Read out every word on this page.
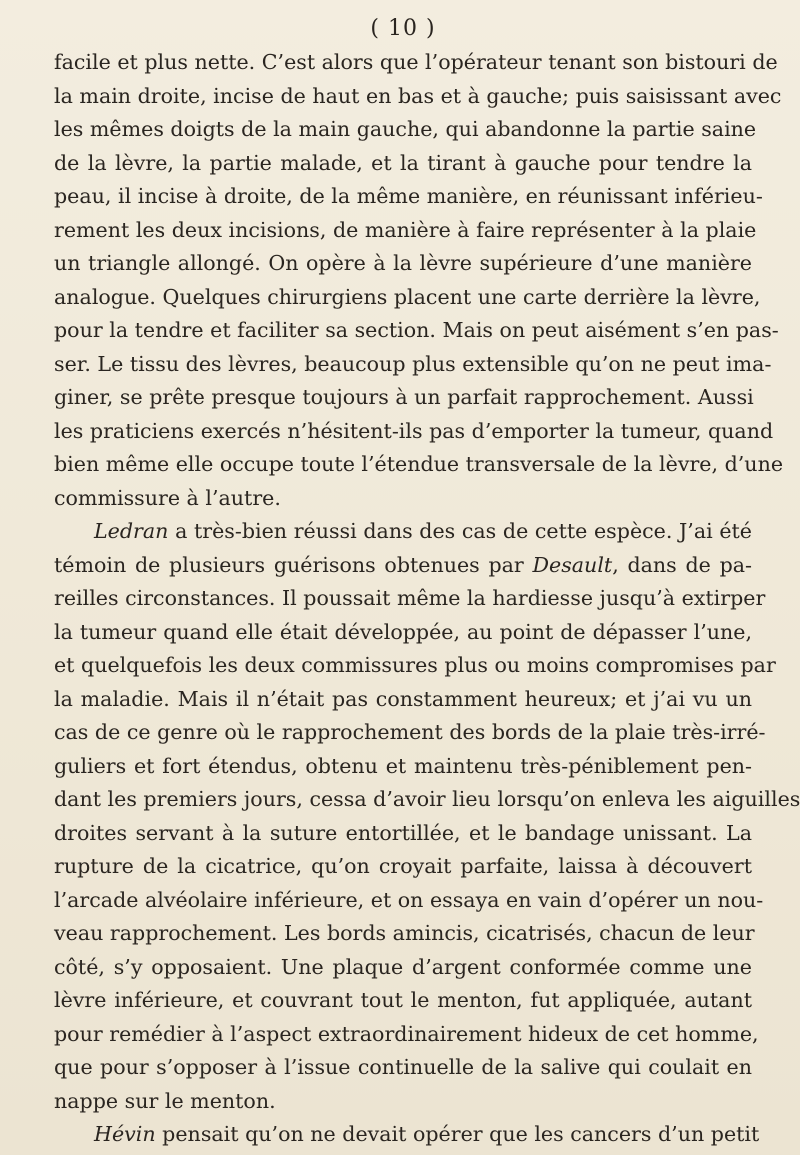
( 10 )
facile et plus nette. C’est alors que l’opérateur tenant son bistouri de
la main droite, incise de haut en bas et à gauche; puis saisissant avec
les mêmes doigts de la main gauche, qui abandonne la partie saine
de la lèvre, la partie malade, et la tirant à gauche pour tendre la
peau, il incise à droite, de la même manière, en réunissant inférieu-
rement les deux incisions, de manière à faire représenter à la plaie
un triangle allongé. On opère à la lèvre supérieure d’une manière
analogue. Quelques chirurgiens placent une carte derrière la lèvre,
pour la tendre et faciliter sa section. Mais on peut aisément s’en pas-
ser. Le tissu des lèvres, beaucoup plus extensible qu’on ne peut ima-
giner, se prête presque toujours à un parfait rapprochement. Aussi
les praticiens exercés n’hésitent-ils pas d’emporter la tumeur, quand
bien même elle occupe toute l’étendue transversale de la lèvre, d’une
commissure à l’autre.
Ledran a très-bien réussi dans des cas de cette espèce. J’ai été
témoin de plusieurs guérisons obtenues par Desault, dans de pa-
reilles circonstances. Il poussait même la hardiesse jusqu’à extirper
la tumeur quand elle était développée, au point de dépasser l’une,
et quelquefois les deux commissures plus ou moins compromises par
la maladie. Mais il n’était pas constamment heureux; et j’ai vu un
cas de ce genre où le rapprochement des bords de la plaie très-irré-
guliers et fort étendus, obtenu et maintenu très-péniblement pen-
dant les premiers jours, cessa d’avoir lieu lorsqu’on enleva les aiguilles
droites servant à la suture entortillée, et le bandage unissant. La
rupture de la cicatrice, qu’on croyait parfaite, laissa à découvert
l’arcade alvéolaire inférieure, et on essaya en vain d’opérer un nou-
veau rapprochement. Les bords amincis, cicatrisés, chacun de leur
côté, s’y opposaient. Une plaque d’argent conformée comme une
lèvre inférieure, et couvrant tout le menton, fut appliquée, autant
pour remédier à l’aspect extraordinairement hideux de cet homme,
que pour s’opposer à l’issue continuelle de la salive qui coulait en
nappe sur le menton.
Hévin pensait qu’on ne devait opérer que les cancers d’un petit
